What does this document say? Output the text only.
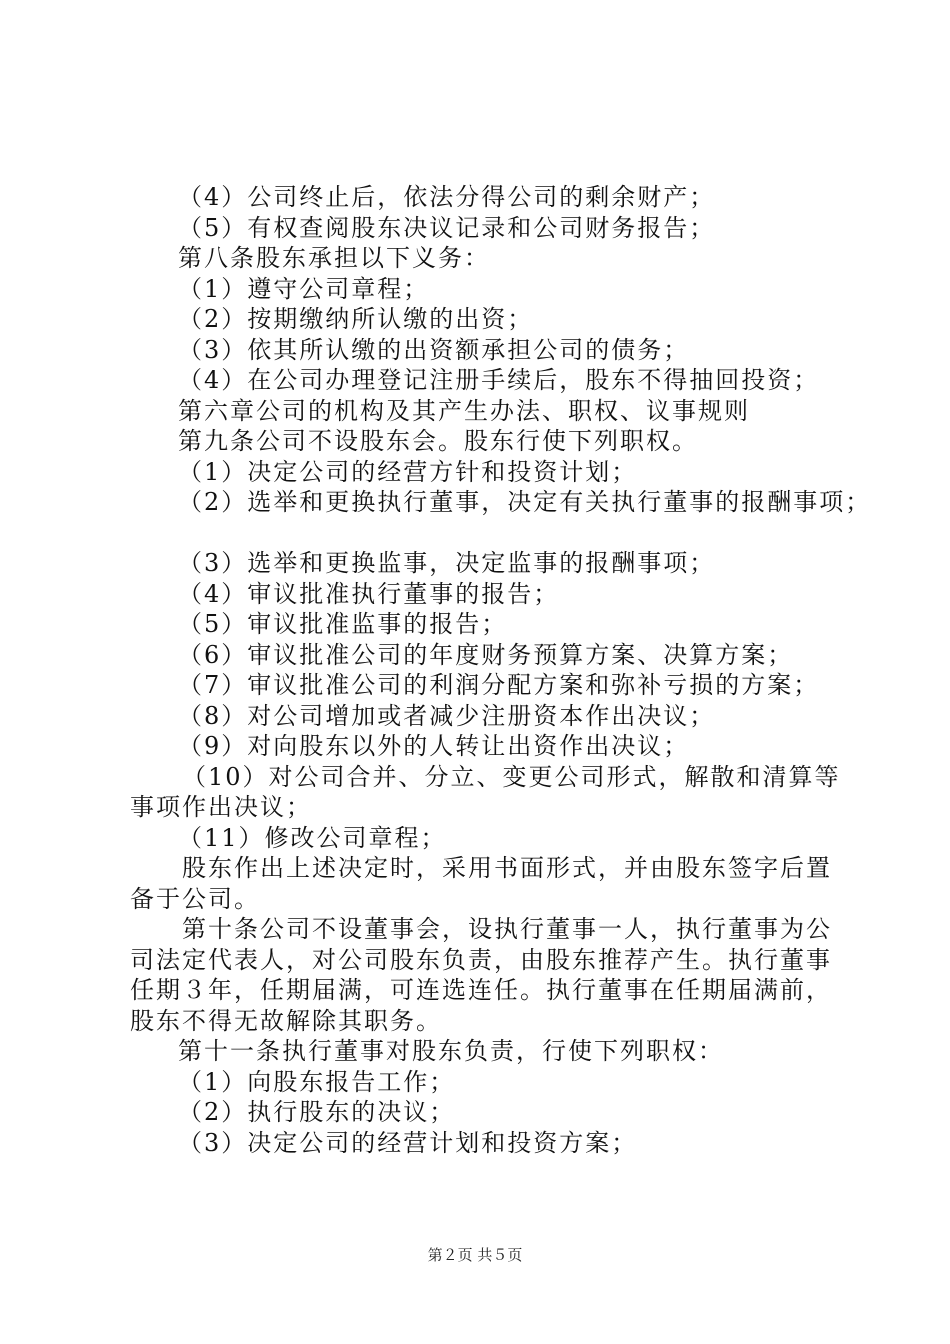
（4）公司终止后，依法分得公司的剩余财产；
（5）有权查阅股东决议记录和公司财务报告；
第八条股东承担以下义务：
（1）遵守公司章程；
（2）按期缴纳所认缴的出资；
（3）依其所认缴的出资额承担公司的债务；
（4）在公司办理登记注册手续后，股东不得抽回投资；
第六章公司的机构及其产生办法、职权、议事规则
第九条公司不设股东会。股东行使下列职权。
（1）决定公司的经营方针和投资计划；
（2）选举和更换执行董事，决定有关执行董事的报酬事项；
（3）选举和更换监事，决定监事的报酬事项；
（4）审议批准执行董事的报告；
（5）审议批准监事的报告；
（6）审议批准公司的年度财务预算方案、决算方案；
（7）审议批准公司的利润分配方案和弥补亏损的方案；
（8）对公司增加或者减少注册资本作出决议；
（9）对向股东以外的人转让出资作出决议；
（10）对公司合并、分立、变更公司形式，解散和清算等
事项作出决议；
（11）修改公司章程；
股东作出上述决定时，采用书面形式，并由股东签字后置
备于公司。
第十条公司不设董事会，设执行董事一人，执行董事为公
司法定代表人，对公司股东负责，由股东推荐产生。执行董事
任期３年，任期届满，可连选连任。执行董事在任期届满前，
股东不得无故解除其职务。
第十一条执行董事对股东负责，行使下列职权：
（1）向股东报告工作；
（2）执行股东的决议；
（3）决定公司的经营计划和投资方案；
第２页 共５页
